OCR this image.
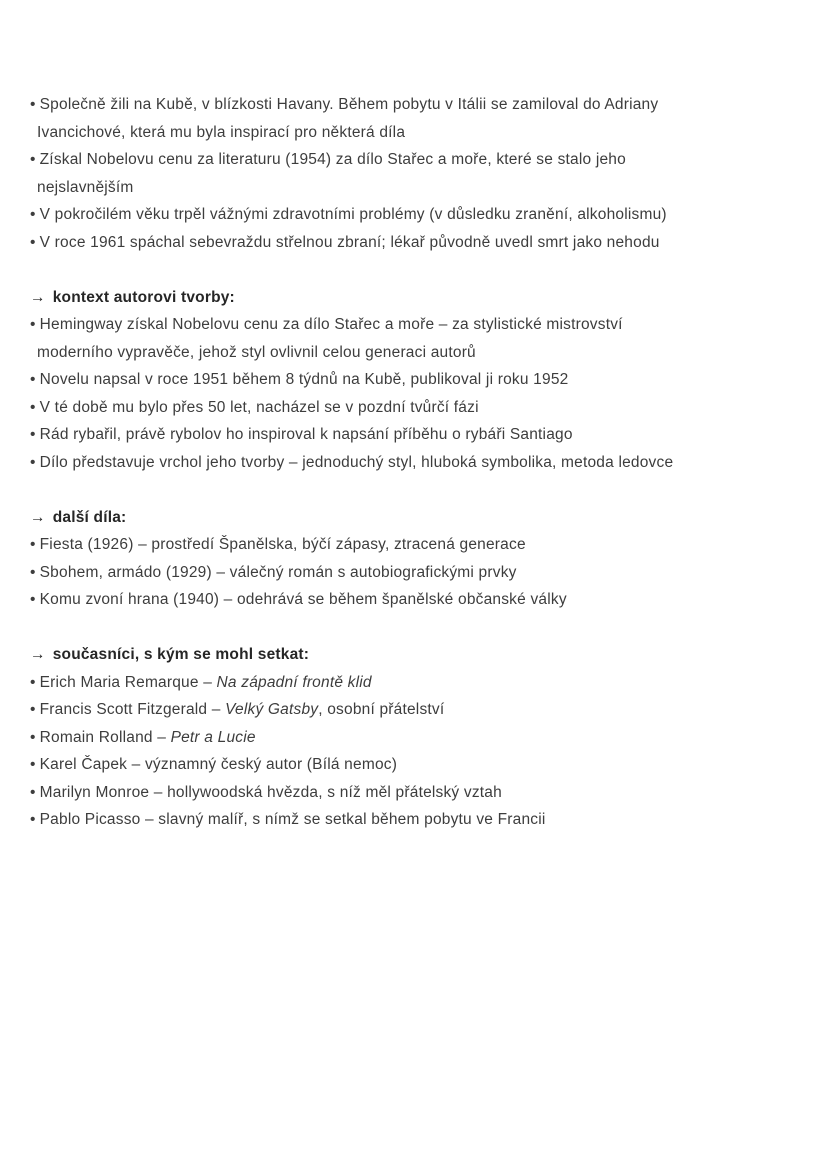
• Společně žili na Kubě, v blízkosti Havany. Během pobytu v Itálii se zamiloval do Adriany
Ivancichové, která mu byla inspirací pro některá díla
• Získal Nobelovu cenu za literaturu (1954) za dílo Stařec a moře, které se stalo jeho
nejslavnějším
• V pokročilém věku trpěl vážnými zdravotními problémy (v důsledku zranění, alkoholismu)
• V roce 1961 spáchal sebevraždu střelnou zbraní; lékař původně uvedl smrt jako nehodu
→ kontext autorovi tvorby:
• Hemingway získal Nobelovu cenu za dílo Stařec a moře – za stylistické mistrovství
moderního vypravěče, jehož styl ovlivnil celou generaci autorů
• Novelu napsal v roce 1951 během 8 týdnů na Kubě, publikoval ji roku 1952
• V té době mu bylo přes 50 let, nacházel se v pozdní tvůrčí fázi
• Rád rybařil, právě rybolov ho inspiroval k napsání příběhu o rybáři Santiago
• Dílo představuje vrchol jeho tvorby – jednoduchý styl, hluboká symbolika, metoda ledovce
→ další díla:
• Fiesta (1926) – prostředí Španělska, býčí zápasy, ztracená generace
• Sbohem, armádo (1929) – válečný román s autobiografickými prvky
• Komu zvoní hrana (1940) – odehrává se během španělské občanské války
→ současníci, s kým se mohl setkat:
• Erich Maria Remarque – Na západní frontě klid
• Francis Scott Fitzgerald – Velký Gatsby, osobní přátelství
• Romain Rolland – Petr a Lucie
• Karel Čapek – významný český autor (Bílá nemoc)
• Marilyn Monroe – hollywoodská hvězda, s níž měl přátelský vztah
• Pablo Picasso – slavný malíř, s nímž se setkal během pobytu ve Francii
